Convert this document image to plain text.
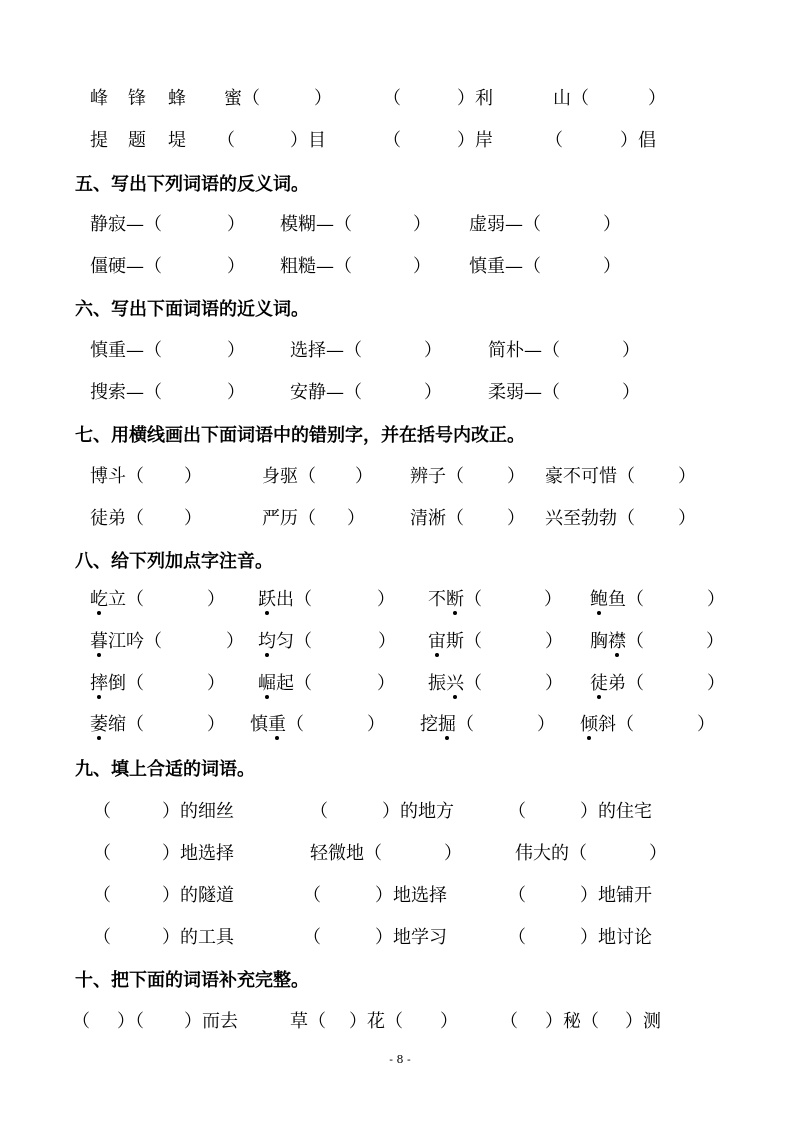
峰 锋 蜂 蜜（	）	（	）利	山（	）
提 题 堤 （	）目	（	）岸	（	）倡
五、写出下列词语的反义词。
静寂—（	） 模糊—（	） 虚弱—（	）
僵硬—（	） 粗糙—（	） 慎重—（	）
六、写出下面词语的近义词。
慎重—（	）	选择—（	）	简朴—（	）
搜索—（	）	安静—（	）	柔弱—（	）
七、用横线画出下面词语中的错别字，并在括号内改正。
博斗（ ）	身驱（ ） 辨子（ ） 豪不可惜（ ）
徒弟（ ）	严历（ ）	清淅（ ） 兴至勃勃（ ）
八、给下列加点字注音。
屹立（	） 跃出（	） 不断（	） 鲍鱼（	）
暮江吟（	） 均匀（	） 宙斯（	） 胸襟（	）
摔倒（	） 崛起（	） 振兴（	） 徒弟（	）
萎缩（	） 慎重（	） 挖掘（	） 倾斜（	）
九、填上合适的词语。
（	）的细丝	（	）的地方	（	）的住宅
（	）地选择	轻微地（	）	伟大的（	）
（	）的隧道	（	）地选择	（	）地铺开
（	）的工具	（	）地学习	（	）地讨论
十、把下面的词语补充完整。
（ ）（ ）而去	草（ ）花（ ） （ ）秘（ ）测
- 8 -
